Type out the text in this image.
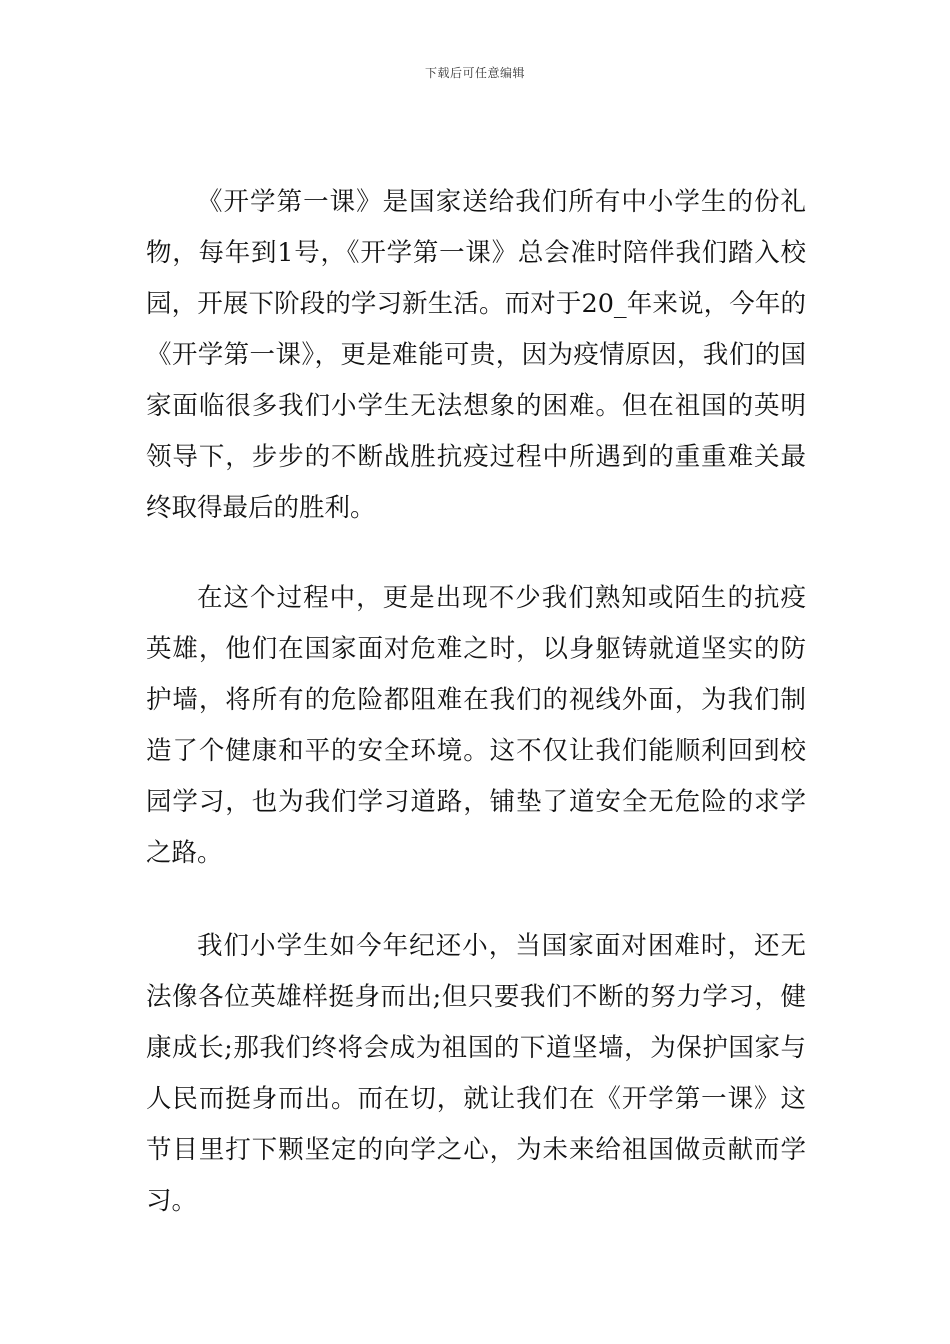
下载后可任意编辑

《开学第一课》是国家送给我们所有中小学生的份礼物，每年到1号，《开学第一课》总会准时陪伴我们踏入校园，开展下阶段的学习新生活。而对于20_年来说，今年的《开学第一课》，更是难能可贵，因为疫情原因，我们的国家面临很多我们小学生无法想象的困难。但在祖国的英明领导下，步步的不断战胜抗疫过程中所遇到的重重难关最终取得最后的胜利。

在这个过程中，更是出现不少我们熟知或陌生的抗疫英雄，他们在国家面对危难之时，以身躯铸就道坚实的防护墙，将所有的危险都阻难在我们的视线外面，为我们制造了个健康和平的安全环境。这不仅让我们能顺利回到校园学习，也为我们学习道路，铺垫了道安全无危险的求学之路。

我们小学生如今年纪还小，当国家面对困难时，还无法像各位英雄样挺身而出;但只要我们不断的努力学习，健康成长;那我们终将会成为祖国的下道坚墙，为保护国家与人民而挺身而出。而在切，就让我们在《开学第一课》这节目里打下颗坚定的向学之心，为未来给祖国做贡献而学习。
